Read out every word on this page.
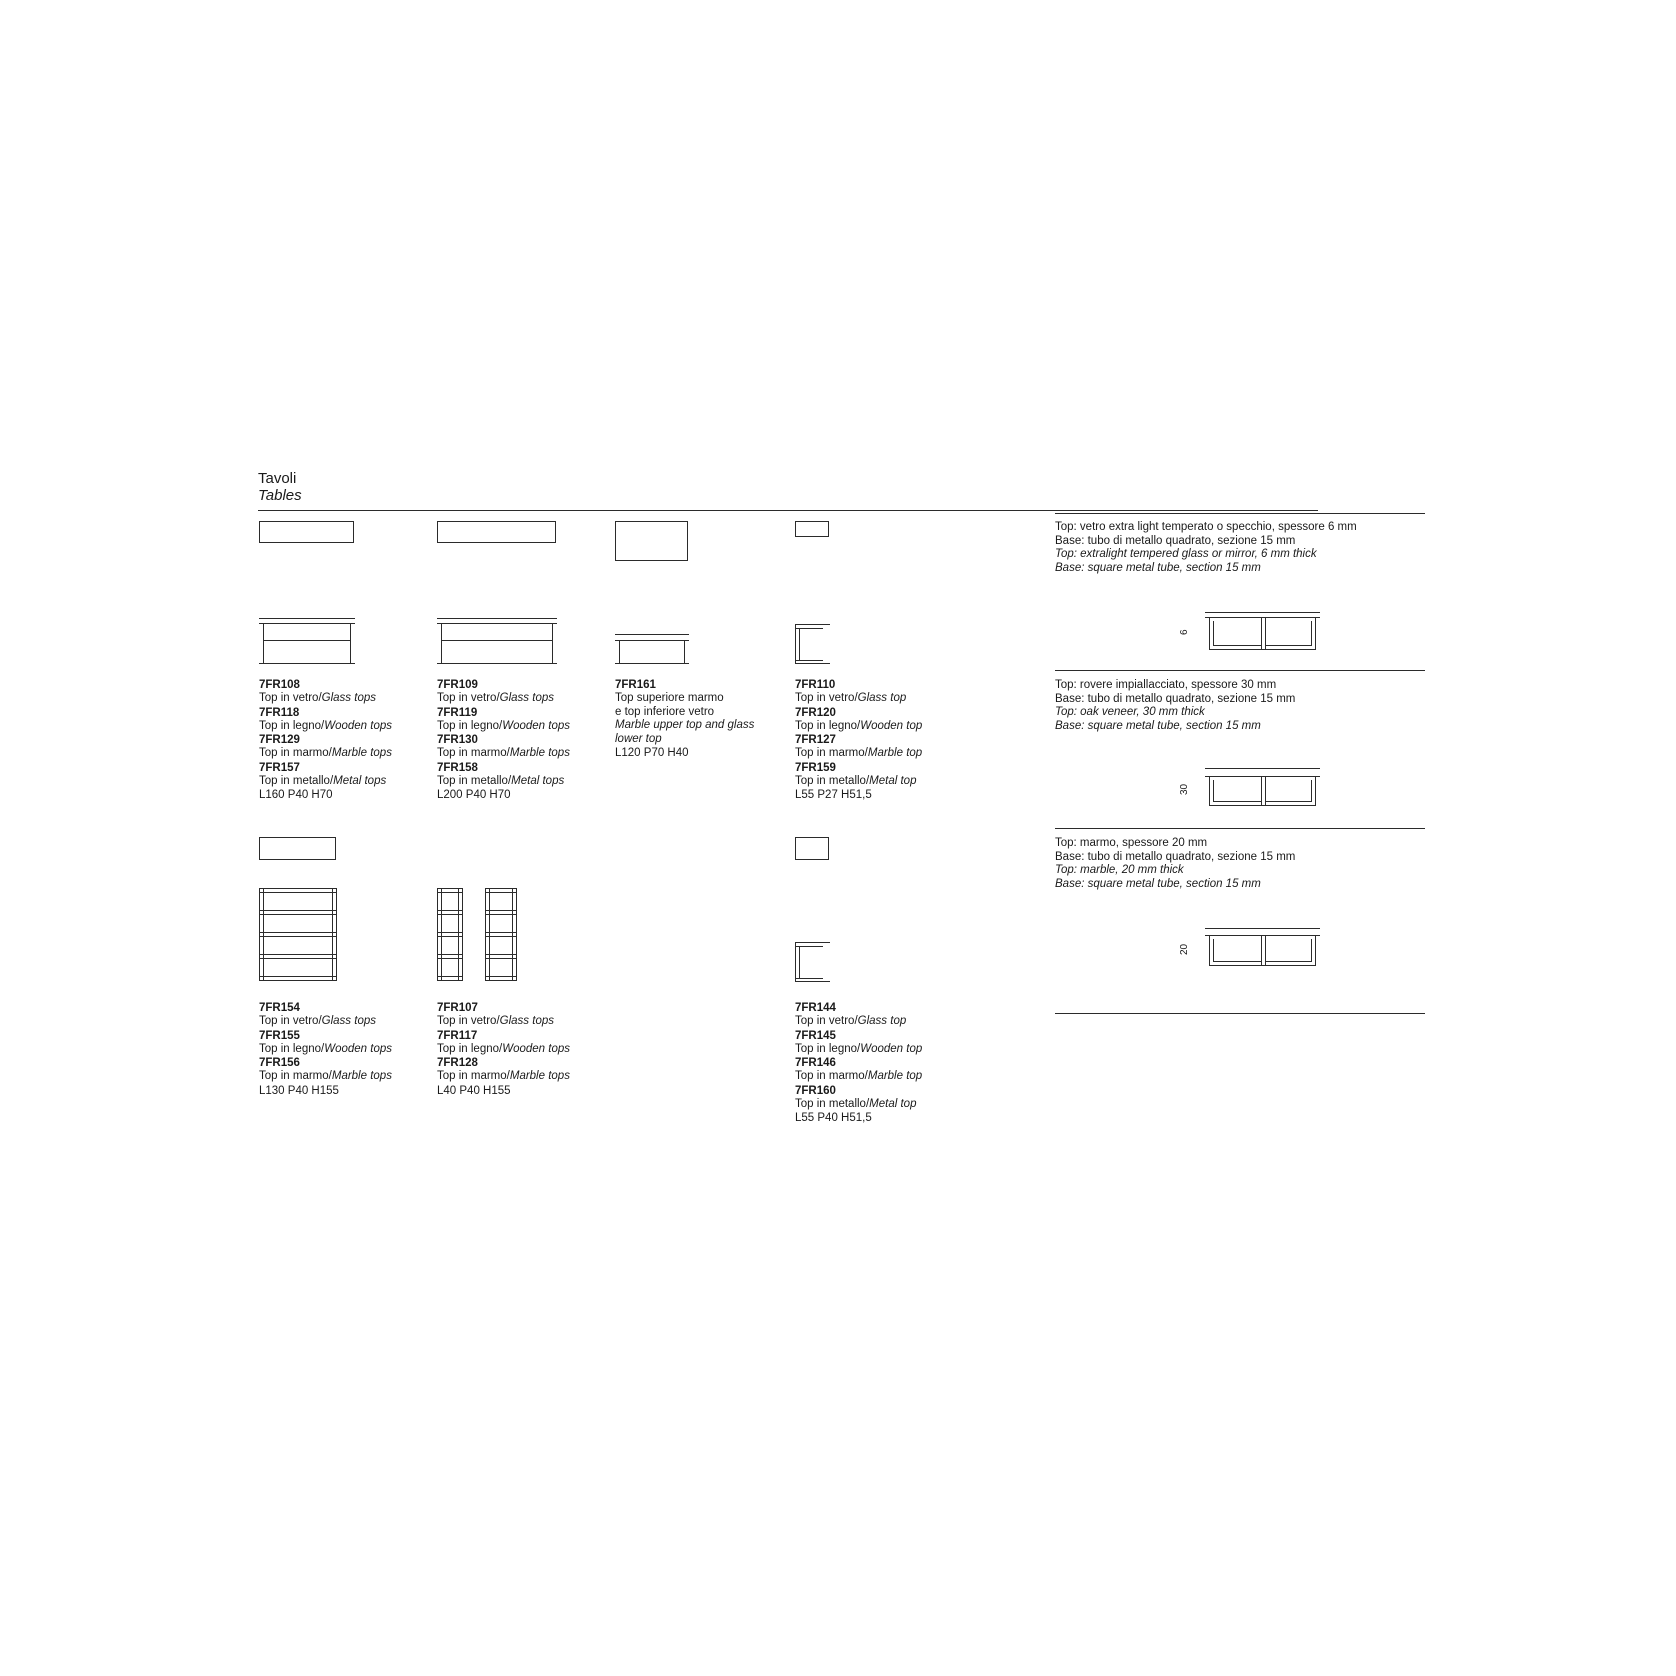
Tavoli
Tables
7FR108
Top in vetro/Glass tops
7FR118
Top in legno/Wooden tops
7FR129
Top in marmo/Marble tops
7FR157
Top in metallo/Metal tops
L160 P40 H70
7FR109
Top in vetro/Glass tops
7FR119
Top in legno/Wooden tops
7FR130
Top in marmo/Marble tops
7FR158
Top in metallo/Metal tops
L200 P40 H70
7FR161
Top superiore marmo
e top inferiore vetro
Marble upper top and glass
lower top
L120 P70 H40
7FR110
Top in vetro/Glass top
7FR120
Top in legno/Wooden top
7FR127
Top in marmo/Marble top
7FR159
Top in metallo/Metal top
L55 P27 H51,5
7FR154
Top in vetro/Glass tops
7FR155
Top in legno/Wooden tops
7FR156
Top in marmo/Marble tops
L130 P40 H155
7FR107
Top in vetro/Glass tops
7FR117
Top in legno/Wooden tops
7FR128
Top in marmo/Marble tops
L40 P40 H155
7FR144
Top in vetro/Glass top
7FR145
Top in legno/Wooden top
7FR146
Top in marmo/Marble top
7FR160
Top in metallo/Metal top
L55 P40 H51,5
Top: vetro extra light temperato o specchio, spessore 6 mm
Base: tubo di metallo quadrato, sezione 15 mm
Top: extralight tempered glass or mirror, 6 mm thick
Base: square metal tube, section 15 mm
6
Top: rovere impiallacciato, spessore 30 mm
Base: tubo di metallo quadrato, sezione 15 mm
Top: oak veneer, 30 mm thick
Base: square metal tube, section 15 mm
30
Top: marmo, spessore 20 mm
Base: tubo di metallo quadrato, sezione 15 mm
Top: marble, 20 mm thick
Base: square metal tube, section 15 mm
20
